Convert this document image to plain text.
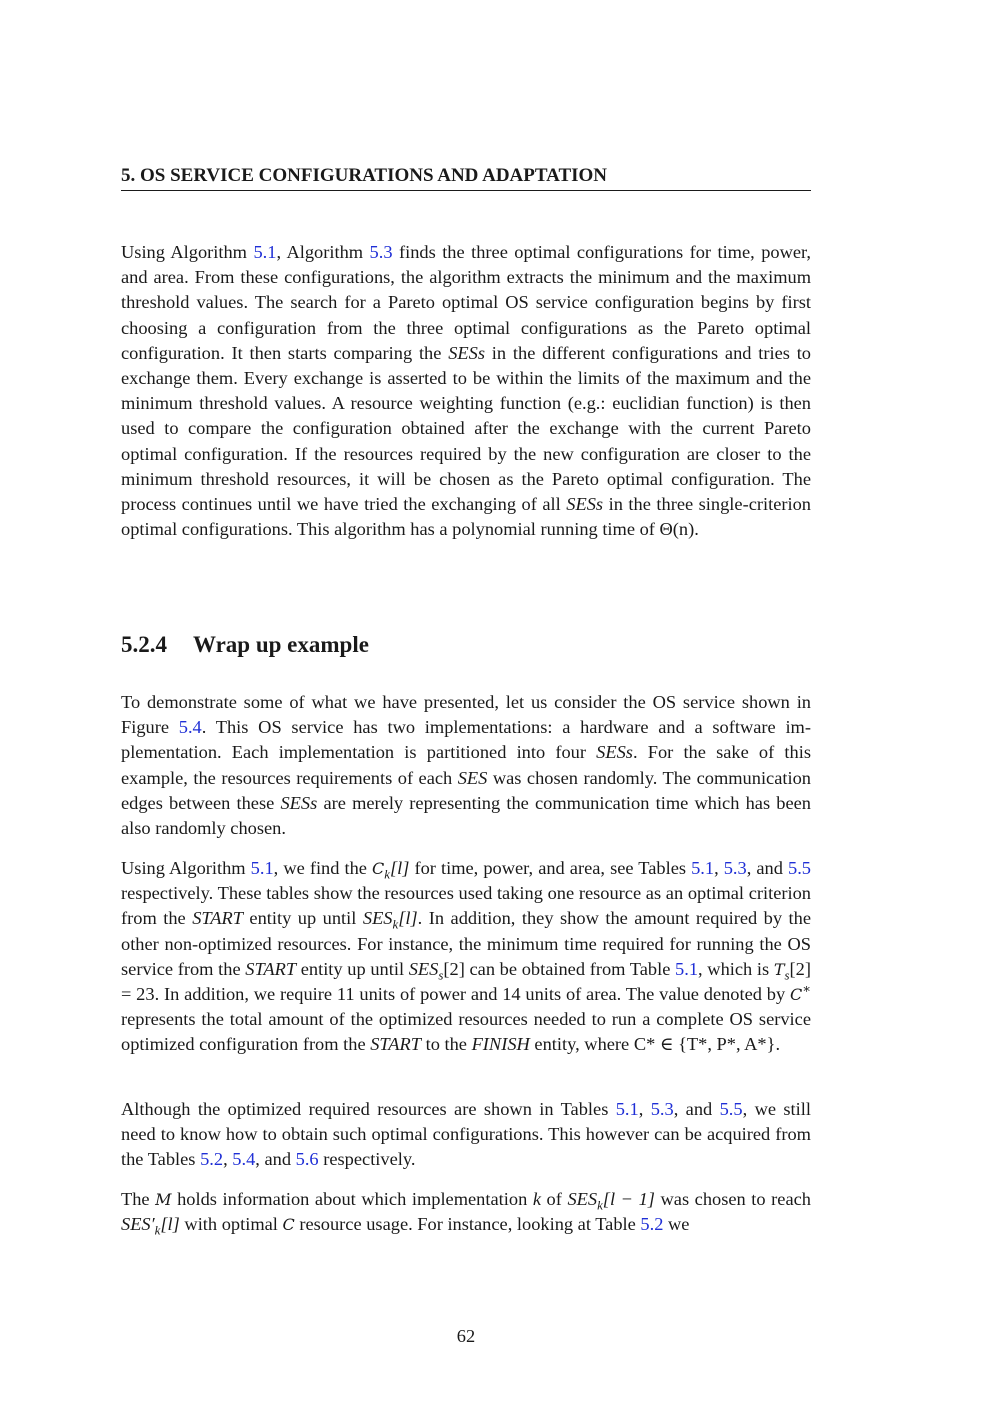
5. OS SERVICE CONFIGURATIONS AND ADAPTATION

Using Algorithm 5.1, Algorithm 5.3 finds the three optimal configurations for time, power, and area. From these configurations, the algorithm extracts the minimum and the maximum threshold values. The search for a Pareto optimal OS service configuration begins by first choosing a configuration from the three optimal configurations as the Pareto optimal configuration. It then starts comparing the SESs in the different configurations and tries to exchange them. Every exchange is asserted to be within the limits of the maximum and the minimum threshold values. A resource weighting function (e.g.: euclidian function) is then used to compare the configuration obtained after the exchange with the current Pareto optimal configuration. If the resources required by the new configuration are closer to the minimum threshold resources, it will be chosen as the Pareto optimal configuration. The process continues until we have tried the exchanging of all SESs in the three single-criterion optimal configurations. This algorithm has a polynomial running time of Θ(n).

5.2.4 Wrap up example

To demonstrate some of what we have presented, let us consider the OS service shown in Figure 5.4. This OS service has two implementations: a hardware and a software implementation. Each implementation is partitioned into four SESs. For the sake of this example, the resources requirements of each SES was chosen randomly. The communication edges between these SESs are merely representing the communication time which has been also randomly chosen.

Using Algorithm 5.1, we find the $C_k[l]$ for time, power, and area, see Tables 5.1, 5.3, and 5.5 respectively. These tables show the resources used taking one resource as an optimal criterion from the START entity up until $SES_k[l]$. In addition, they show the amount required by the other non-optimized resources. For instance, the minimum time required for running the OS service from the START entity up until $SES_s[2]$ can be obtained from Table 5.1, which is $T_s[2] = 23$. In addition, we require 11 units of power and 14 units of area. The value denoted by C∗ represents the total amount of the optimized resources needed to run a complete OS service optimized configuration from the START to the FINISH entity, where C* ∈ {T*, P*, A*}.

Although the optimized required resources are shown in Tables 5.1, 5.3, and 5.5, we still need to know how to obtain such optimal configurations. This however can be acquired from the Tables 5.2, 5.4, and 5.6 respectively.

The M holds information about which implementation k of $SES_k[l - 1]$ was chosen to reach $SES'_k[l]$ with optimal C resource usage. For instance, looking at Table 5.2 we

62
